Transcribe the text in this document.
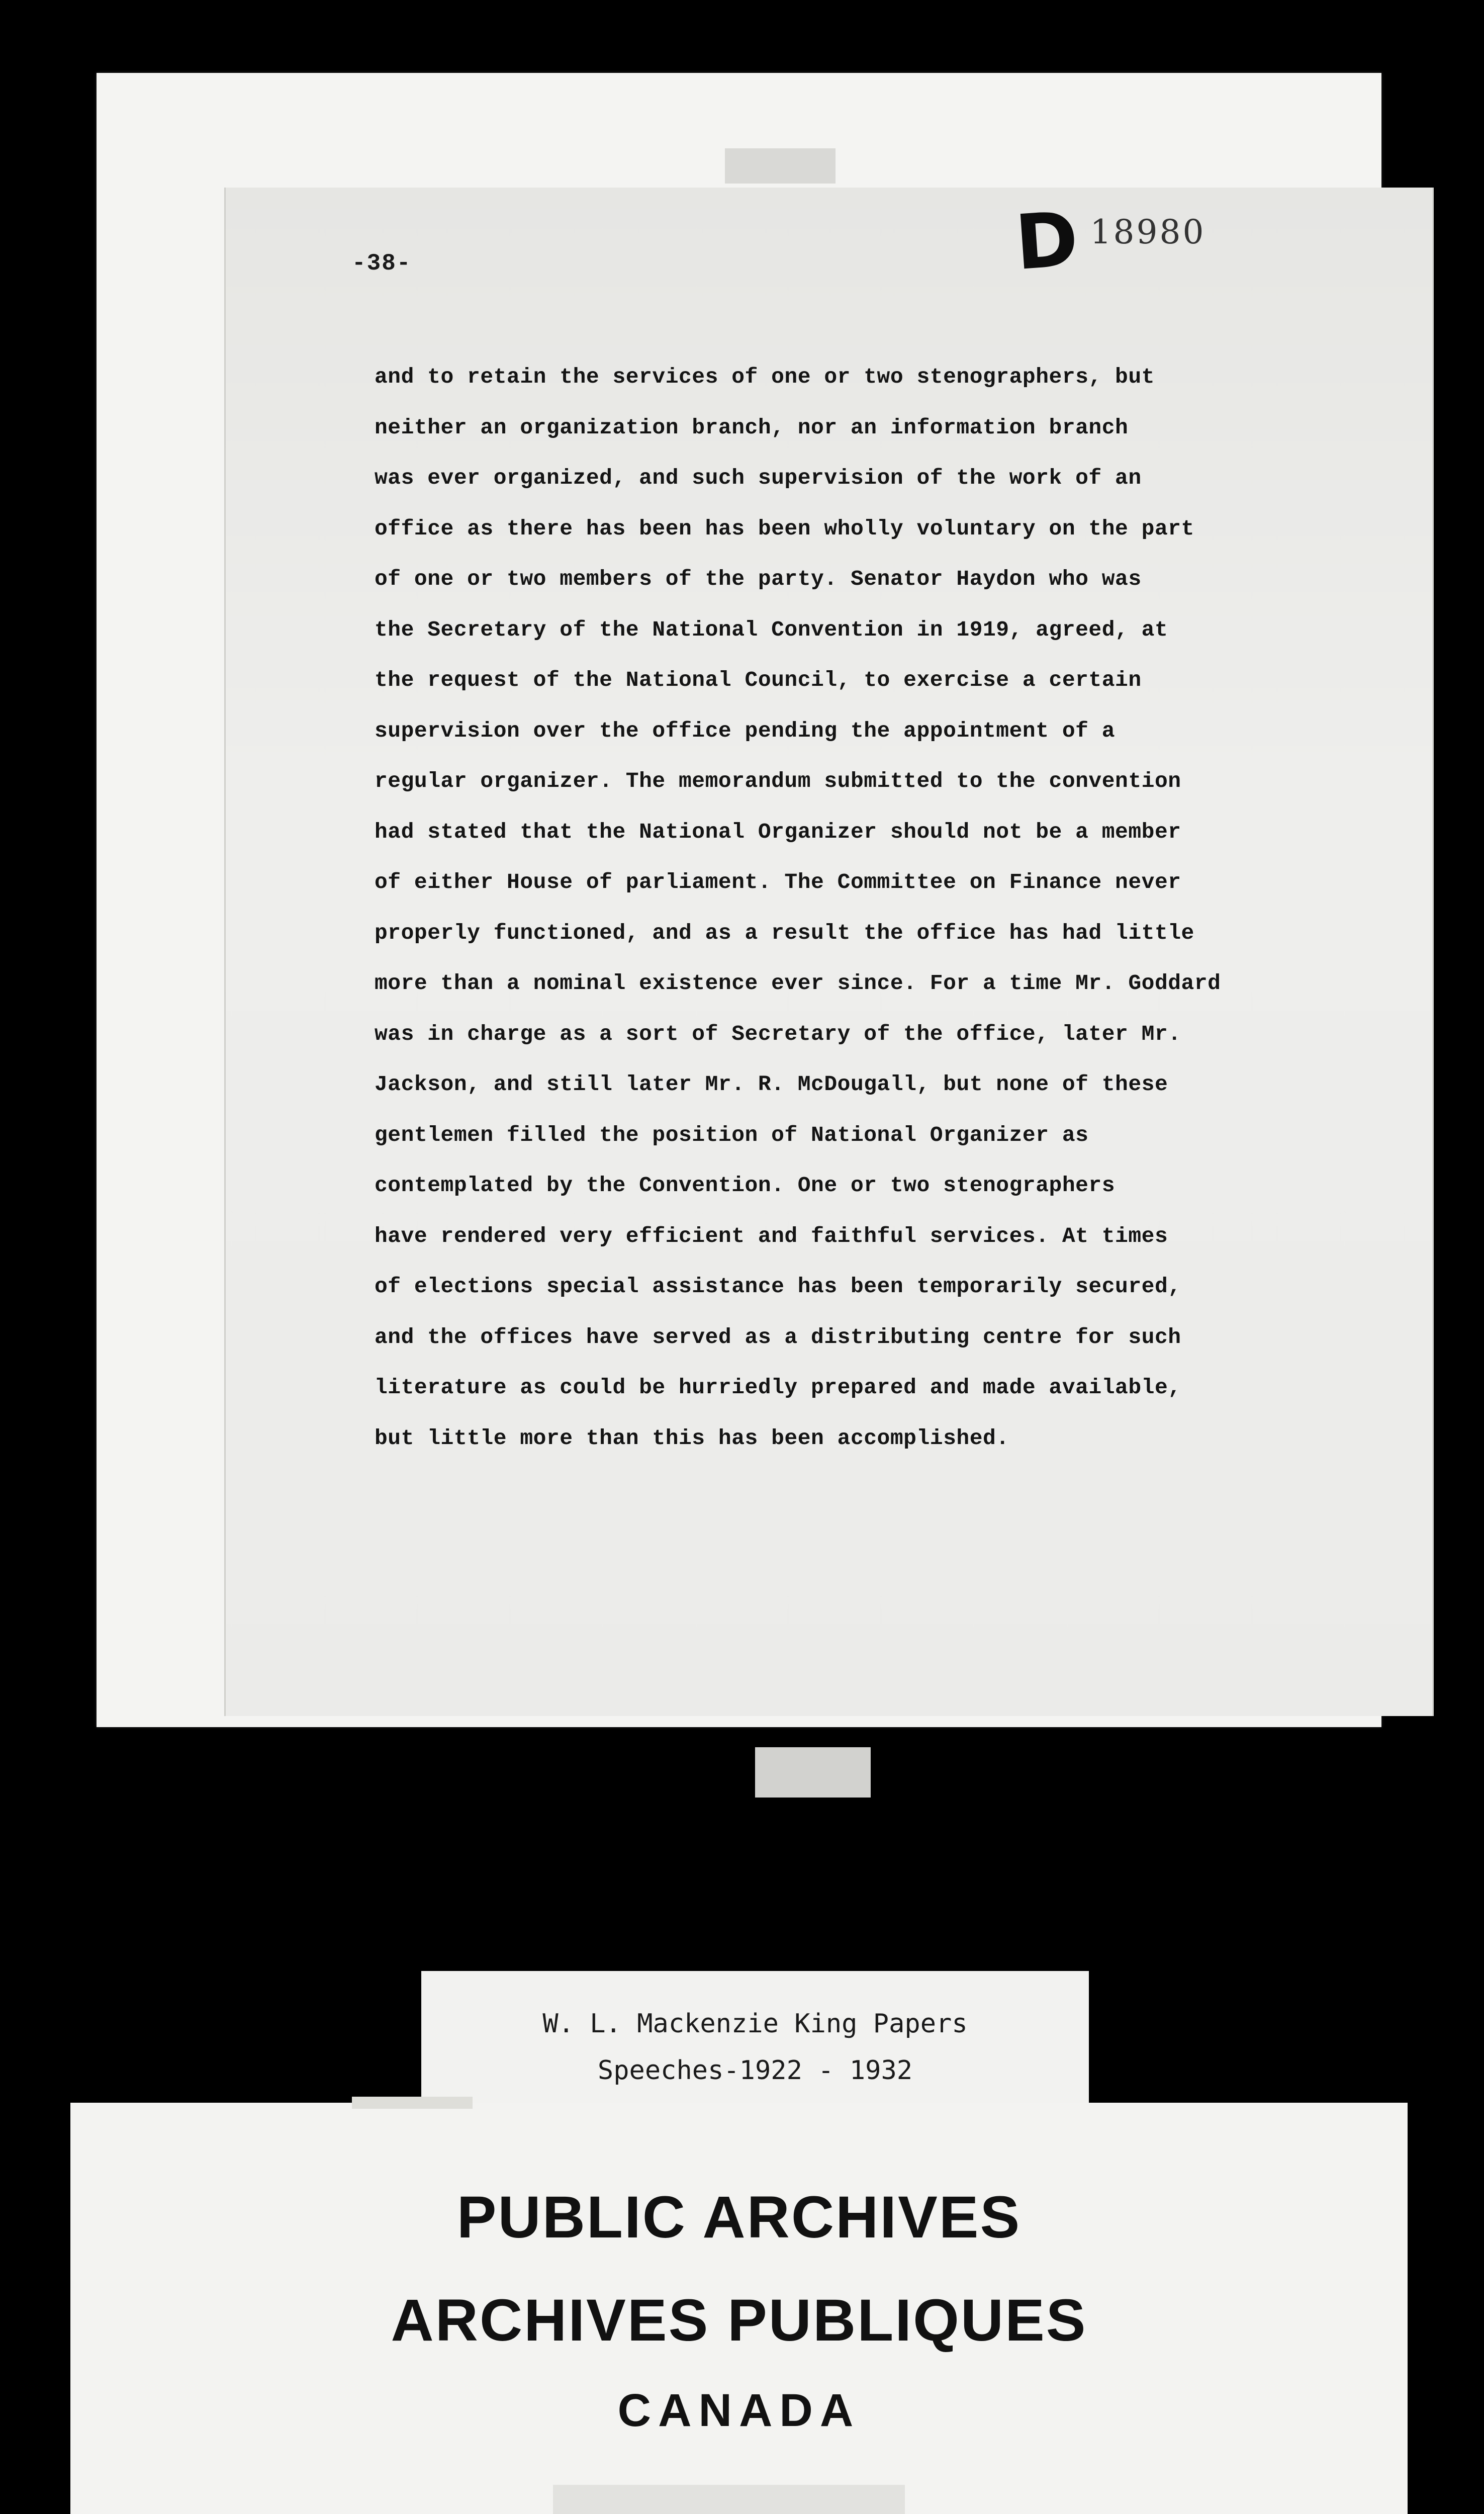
-38-	D 18980
and to retain the services of one or two stenographers, but
neither an organization branch, nor an information branch
was ever organized, and such supervision of the work of an
office as there has been has been wholly voluntary on the part
of one or two members of the party. Senator Haydon who was
the Secretary of the National Convention in 1919, agreed, at
the request of the National Council, to exercise a certain
supervision over the office pending the appointment of a
regular organizer. The memorandum submitted to the convention
had stated that the National Organizer should not be a member
of either House of parliament. The Committee on Finance never
properly functioned, and as a result the office has had little
more than a nominal existence ever since. For a time Mr. Goddard
was in charge as a sort of Secretary of the office, later Mr.
Jackson, and still later Mr. R. McDougall, but none of these
gentlemen filled the position of National Organizer as
contemplated by the Convention. One or two stenographers
have rendered very efficient and faithful services. At times
of elections special assistance has been temporarily secured,
and the offices have served as a distributing centre for such
literature as could be hurriedly prepared and made available,
but little more than this has been accomplished.
W. L. Mackenzie King Papers
Speeches-1922 - 1932
PUBLIC ARCHIVES
ARCHIVES PUBLIQUES
CANADA
